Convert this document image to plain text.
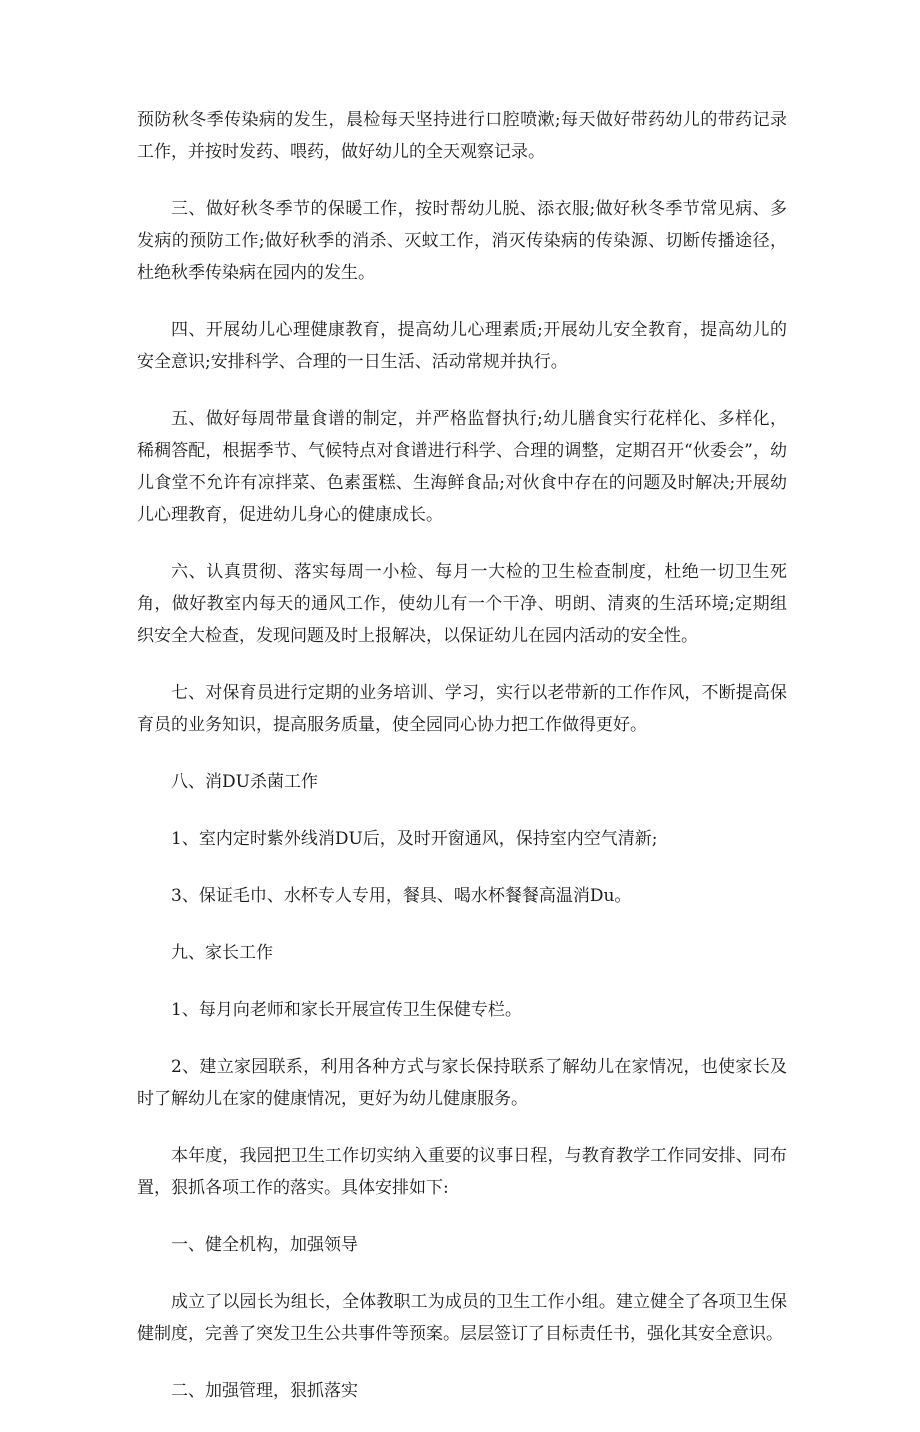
预防秋冬季传染病的发生，晨检每天坚持进行口腔喷漱;每天做好带药幼儿的带药记录工作，并按时发药、喂药，做好幼儿的全天观察记录。

三、做好秋冬季节的保暖工作，按时帮幼儿脱、添衣服;做好秋冬季节常见病、多发病的预防工作;做好秋季的消杀、灭蚊工作，消灭传染病的传染源、切断传播途径，杜绝秋季传染病在园内的发生。

四、开展幼儿心理健康教育，提高幼儿心理素质;开展幼儿安全教育，提高幼儿的安全意识;安排科学、合理的一日生活、活动常规并执行。

五、做好每周带量食谱的制定，并严格监督执行;幼儿膳食实行花样化、多样化，稀稠答配，根据季节、气候特点对食谱进行科学、合理的调整，定期召开“伙委会”，幼儿食堂不允许有凉拌菜、色素蛋糕、生海鲜食品;对伙食中存在的问题及时解决;开展幼儿心理教育，促进幼儿身心的健康成长。

六、认真贯彻、落实每周一小检、每月一大检的卫生检查制度，杜绝一切卫生死角，做好教室内每天的通风工作，使幼儿有一个干净、明朗、清爽的生活环境;定期组织安全大检查，发现问题及时上报解决，以保证幼儿在园内活动的安全性。

七、对保育员进行定期的业务培训、学习，实行以老带新的工作作风，不断提高保育员的业务知识，提高服务质量，使全园同心协力把工作做得更好。

八、消DU杀菌工作

1、室内定时紫外线消DU后，及时开窗通风，保持室内空气清新;

3、保证毛巾、水杯专人专用，餐具、喝水杯餐餐高温消Du。

九、家长工作

1、每月向老师和家长开展宣传卫生保健专栏。

2、建立家园联系，利用各种方式与家长保持联系了解幼儿在家情况，也使家长及时了解幼儿在家的健康情况，更好为幼儿健康服务。

本年度，我园把卫生工作切实纳入重要的议事日程，与教育教学工作同安排、同布置，狠抓各项工作的落实。具体安排如下:

一、健全机构，加强领导

成立了以园长为组长，全体教职工为成员的卫生工作小组。建立健全了各项卫生保健制度，完善了突发卫生公共事件等预案。层层签订了目标责任书，强化其安全意识。

二、加强管理，狠抓落实
